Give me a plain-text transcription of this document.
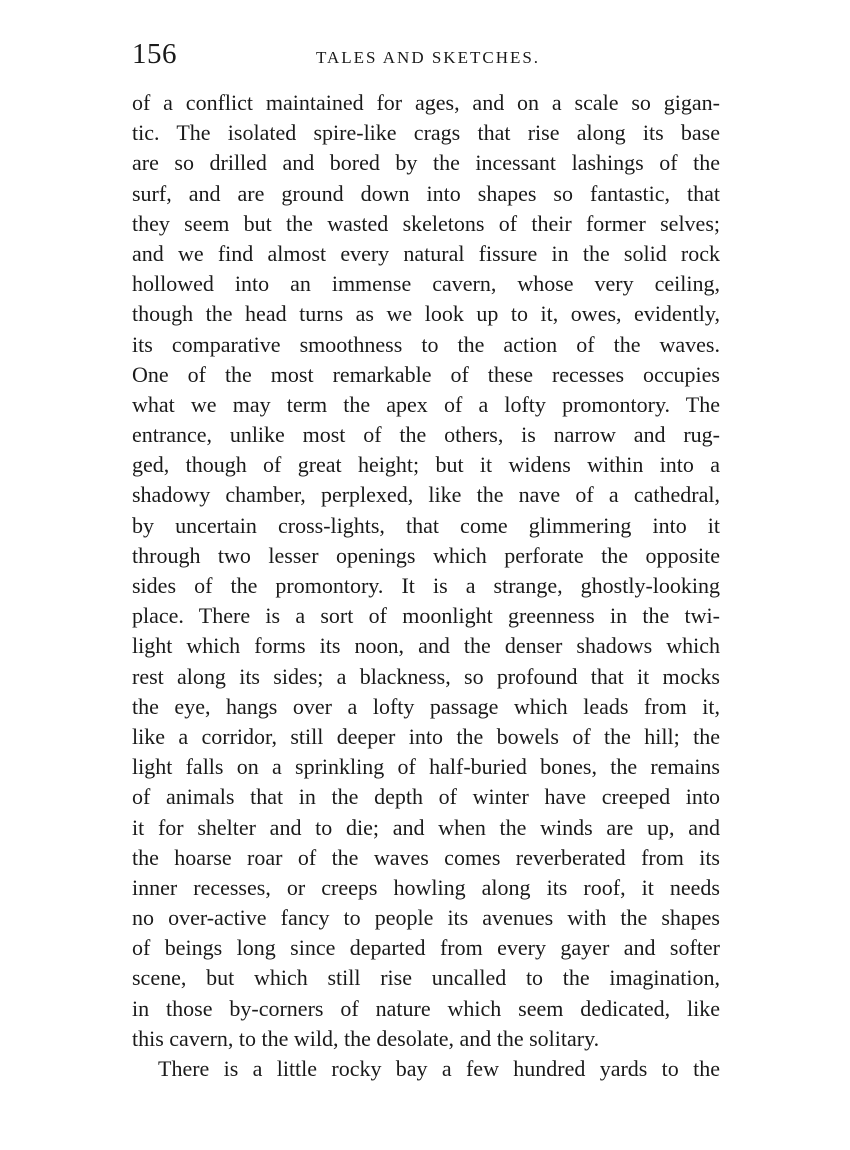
156	TALES AND SKETCHES.
of a conflict maintained for ages, and on a scale so gigan-
tic. The isolated spire-like crags that rise along its base
are so drilled and bored by the incessant lashings of the
surf, and are ground down into shapes so fantastic, that
they seem but the wasted skeletons of their former selves;
and we find almost every natural fissure in the solid rock
hollowed into an immense cavern, whose very ceiling,
though the head turns as we look up to it, owes, evidently,
its comparative smoothness to the action of the waves.
One of the most remarkable of these recesses occupies
what we may term the apex of a lofty promontory. The
entrance, unlike most of the others, is narrow and rug-
ged, though of great height; but it widens within into a
shadowy chamber, perplexed, like the nave of a cathedral,
by uncertain cross-lights, that come glimmering into it
through two lesser openings which perforate the opposite
sides of the promontory. It is a strange, ghostly-looking
place. There is a sort of moonlight greenness in the twi-
light which forms its noon, and the denser shadows which
rest along its sides; a blackness, so profound that it mocks
the eye, hangs over a lofty passage which leads from it,
like a corridor, still deeper into the bowels of the hill; the
light falls on a sprinkling of half-buried bones, the remains
of animals that in the depth of winter have creeped into
it for shelter and to die; and when the winds are up, and
the hoarse roar of the waves comes reverberated from its
inner recesses, or creeps howling along its roof, it needs
no over-active fancy to people its avenues with the shapes
of beings long since departed from every gayer and softer
scene, but which still rise uncalled to the imagination,
in those by-corners of nature which seem dedicated, like
this cavern, to the wild, the desolate, and the solitary.
There is a little rocky bay a few hundred yards to the
